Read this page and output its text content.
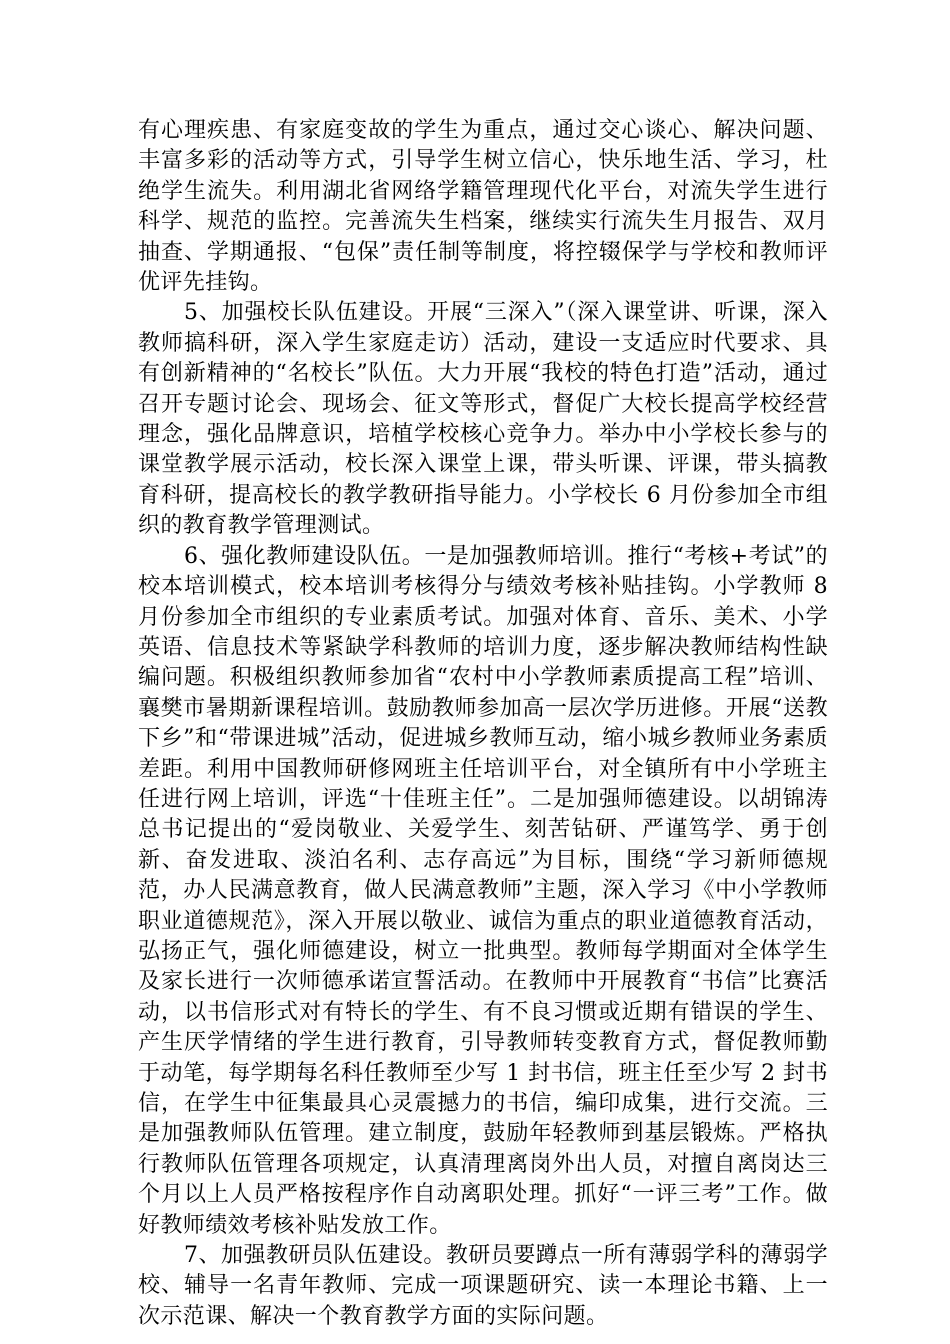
有心理疾患、有家庭变故的学生为重点，通过交心谈心、解决问题、丰富多彩的活动等方式，引导学生树立信心，快乐地生活、学习，杜绝学生流失。利用湖北省网络学籍管理现代化平台，对流失学生进行科学、规范的监控。完善流失生档案，继续实行流失生月报告、双月抽查、学期通报、“包保”责任制等制度，将控辍保学与学校和教师评优评先挂钩。

5、加强校长队伍建设。开展“三深入”（深入课堂讲、听课，深入教师搞科研，深入学生家庭走访）活动，建设一支适应时代要求、具有创新精神的“名校长”队伍。大力开展“我校的特色打造”活动，通过召开专题讨论会、现场会、征文等形式，督促广大校长提高学校经营理念，强化品牌意识，培植学校核心竞争力。举办中小学校长参与的课堂教学展示活动，校长深入课堂上课，带头听课、评课，带头搞教育科研，提高校长的教学教研指导能力。小学校长 6 月份参加全市组织的教育教学管理测试。

6、强化教师建设队伍。一是加强教师培训。推行“考核+考试”的校本培训模式，校本培训考核得分与绩效考核补贴挂钩。小学教师 8 月份参加全市组织的专业素质考试。加强对体育、音乐、美术、小学英语、信息技术等紧缺学科教师的培训力度，逐步解决教师结构性缺编问题。积极组织教师参加省“农村中小学教师素质提高工程”培训、襄樊市暑期新课程培训。鼓励教师参加高一层次学历进修。开展“送教下乡”和“带课进城”活动，促进城乡教师互动，缩小城乡教师业务素质差距。利用中国教师研修网班主任培训平台，对全镇所有中小学班主任进行网上培训，评选“十佳班主任”。二是加强师德建设。以胡锦涛总书记提出的“爱岗敬业、关爱学生、刻苦钻研、严谨笃学、勇于创新、奋发进取、淡泊名利、志存高远”为目标，围绕“学习新师德规范，办人民满意教育，做人民满意教师”主题，深入学习《中小学教师职业道德规范》，深入开展以敬业、诚信为重点的职业道德教育活动，弘扬正气，强化师德建设，树立一批典型。教师每学期面对全体学生及家长进行一次师德承诺宣誓活动。在教师中开展教育“书信”比赛活动，以书信形式对有特长的学生、有不良习惯或近期有错误的学生、产生厌学情绪的学生进行教育，引导教师转变教育方式，督促教师勤于动笔，每学期每名科任教师至少写 1 封书信，班主任至少写 2 封书信，在学生中征集最具心灵震撼力的书信，编印成集，进行交流。三是加强教师队伍管理。建立制度，鼓励年轻教师到基层锻炼。严格执行教师队伍管理各项规定，认真清理离岗外出人员，对擅自离岗达三个月以上人员严格按程序作自动离职处理。抓好“一评三考”工作。做好教师绩效考核补贴发放工作。

7、加强教研员队伍建设。教研员要蹲点一所有薄弱学科的薄弱学校、辅导一名青年教师、完成一项课题研究、读一本理论书籍、上一次示范课、解决一个教育教学方面的实际问题。
